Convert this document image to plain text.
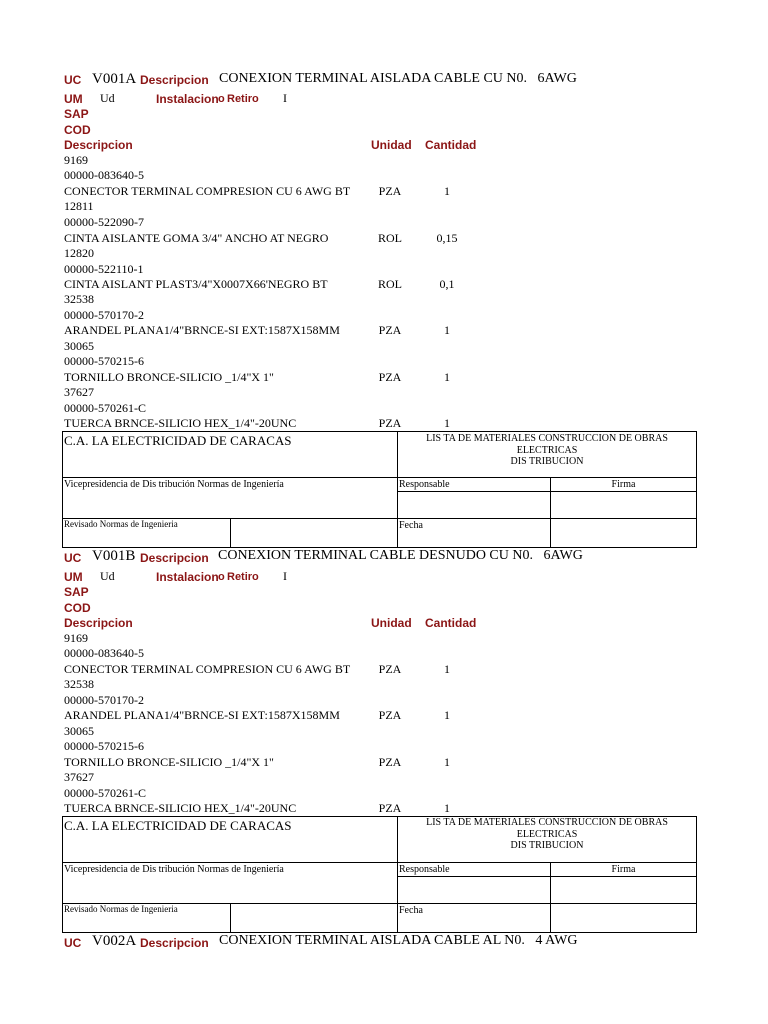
UC V001A Descripcion CONEXION TERMINAL AISLADA CABLE CU N0.   6AWG
UM Ud	Instalacion o Retiro I
SAP
COD
Descripcion	Unidad Cantidad
9169
00000-083640-5
CONECTOR TERMINAL COMPRESION CU 6 AWG BT	PZA	1
12811
00000-522090-7
CINTA AISLANTE GOMA 3/4" ANCHO AT NEGRO	ROL	0,15
12820
00000-522110-1
CINTA AISLANT PLAST3/4"X0007X66'NEGRO BT	ROL	0,1
32538
00000-570170-2
ARANDEL PLANA1/4"BRNCE-SI EXT:1587X158MM	PZA	1
30065
00000-570215-6
TORNILLO BRONCE-SILICIO _1/4"X 1"	PZA	1
37627
00000-570261-C
TUERCA BRNCE-SILICIO HEX_1/4"-20UNC	PZA	1
C.A. LA ELECTRICIDAD DE CARACAS	LIS TA DE MATERIALES CONSTRUCCION DE OBRAS
ELECTRICAS
DIS TRIBUCION
Vicepresidencia de Dis tribución Normas de Ingeniería	Responsable	Firma
Revisado Normas de Ingenieria	Fecha
UC V001B Descripcion CONEXION TERMINAL CABLE DESNUDO CU N0.   6AWG
UM Ud	Instalacion o Retiro I
SAP
COD
Descripcion	Unidad Cantidad
9169
00000-083640-5
CONECTOR TERMINAL COMPRESION CU 6 AWG BT	PZA	1
32538
00000-570170-2
ARANDEL PLANA1/4"BRNCE-SI EXT:1587X158MM	PZA	1
30065
00000-570215-6
TORNILLO BRONCE-SILICIO _1/4"X 1"	PZA	1
37627
00000-570261-C
TUERCA BRNCE-SILICIO HEX_1/4"-20UNC	PZA	1
C.A. LA ELECTRICIDAD DE CARACAS	LIS TA DE MATERIALES CONSTRUCCION DE OBRAS
ELECTRICAS
DIS TRIBUCION
Vicepresidencia de Dis tribución Normas de Ingeniería	Responsable	Firma
Revisado Normas de Ingenieria	Fecha
UC V002A Descripcion CONEXION TERMINAL AISLADA CABLE AL N0.   4 AWG
